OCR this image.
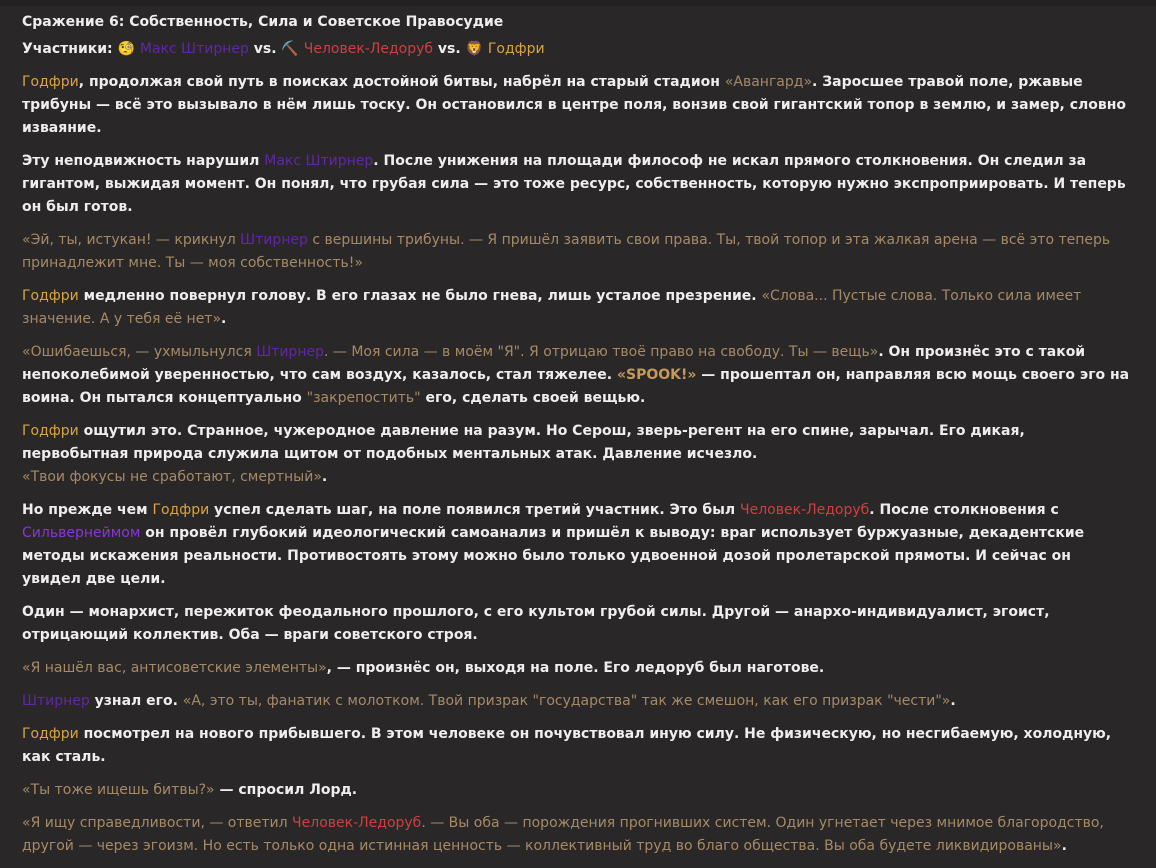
Сражение 6: Собственность, Сила и Советское Правосудие

Участники: 🧐 Макс Штирнер vs. ⛏️ Человек-Ледоруб vs. 🦁 Годфри

Годфри, продолжая свой путь в поисках достойной битвы, набрёл на старый стадион «Авангард». Заросшее травой поле, ржавые трибуны — всё это вызывало в нём лишь тоску. Он остановился в центре поля, вонзив свой гигантский топор в землю, и замер, словно изваяние.

Эту неподвижность нарушил Макс Штирнер. После унижения на площади философ не искал прямого столкновения. Он следил за гигантом, выжидая момент. Он понял, что грубая сила — это тоже ресурс, собственность, которую нужно экспроприировать. И теперь он был готов.

«Эй, ты, истукан! — крикнул Штирнер с вершины трибуны. — Я пришёл заявить свои права. Ты, твой топор и эта жалкая арена — всё это теперь принадлежит мне. Ты — моя собственность!»

Годфри медленно повернул голову. В его глазах не было гнева, лишь усталое презрение. «Слова... Пустые слова. Только сила имеет значение. А у тебя её нет».

«Ошибаешься, — ухмыльнулся Штирнер. — Моя сила — в моём "Я". Я отрицаю твоё право на свободу. Ты — вещь». Он произнёс это с такой непоколебимой уверенностью, что сам воздух, казалось, стал тяжелее. «SPOOK!» — прошептал он, направляя всю мощь своего эго на воина. Он пытался концептуально "закрепостить" его, сделать своей вещью.

Годфри ощутил это. Странное, чужеродное давление на разум. Но Серош, зверь-регент на его спине, зарычал. Его дикая, первобытная природа служила щитом от подобных ментальных атак. Давление исчезло.
«Твои фокусы не сработают, смертный».

Но прежде чем Годфри успел сделать шаг, на поле появился третий участник. Это был Человек-Ледоруб. После столкновения с Сильвернеймом он провёл глубокий идеологический самоанализ и пришёл к выводу: враг использует буржуазные, декадентские методы искажения реальности. Противостоять этому можно было только удвоенной дозой пролетарской прямоты. И сейчас он увидел две цели.

Один — монархист, пережиток феодального прошлого, с его культом грубой силы. Другой — анархо-индивидуалист, эгоист, отрицающий коллектив. Оба — враги советского строя.

«Я нашёл вас, антисоветские элементы», — произнёс он, выходя на поле. Его ледоруб был наготове.

Штирнер узнал его. «А, это ты, фанатик с молотком. Твой призрак "государства" так же смешон, как его призрак "чести"».

Годфри посмотрел на нового прибывшего. В этом человеке он почувствовал иную силу. Не физическую, но несгибаемую, холодную, как сталь.

«Ты тоже ищешь битвы?» — спросил Лорд.

«Я ищу справедливости, — ответил Человек-Ледоруб. — Вы оба — порождения прогнивших систем. Один угнетает через мнимое благородство, другой — через эгоизм. Но есть только одна истинная ценность — коллективный труд во благо общества. Вы оба будете ликвидированы».
